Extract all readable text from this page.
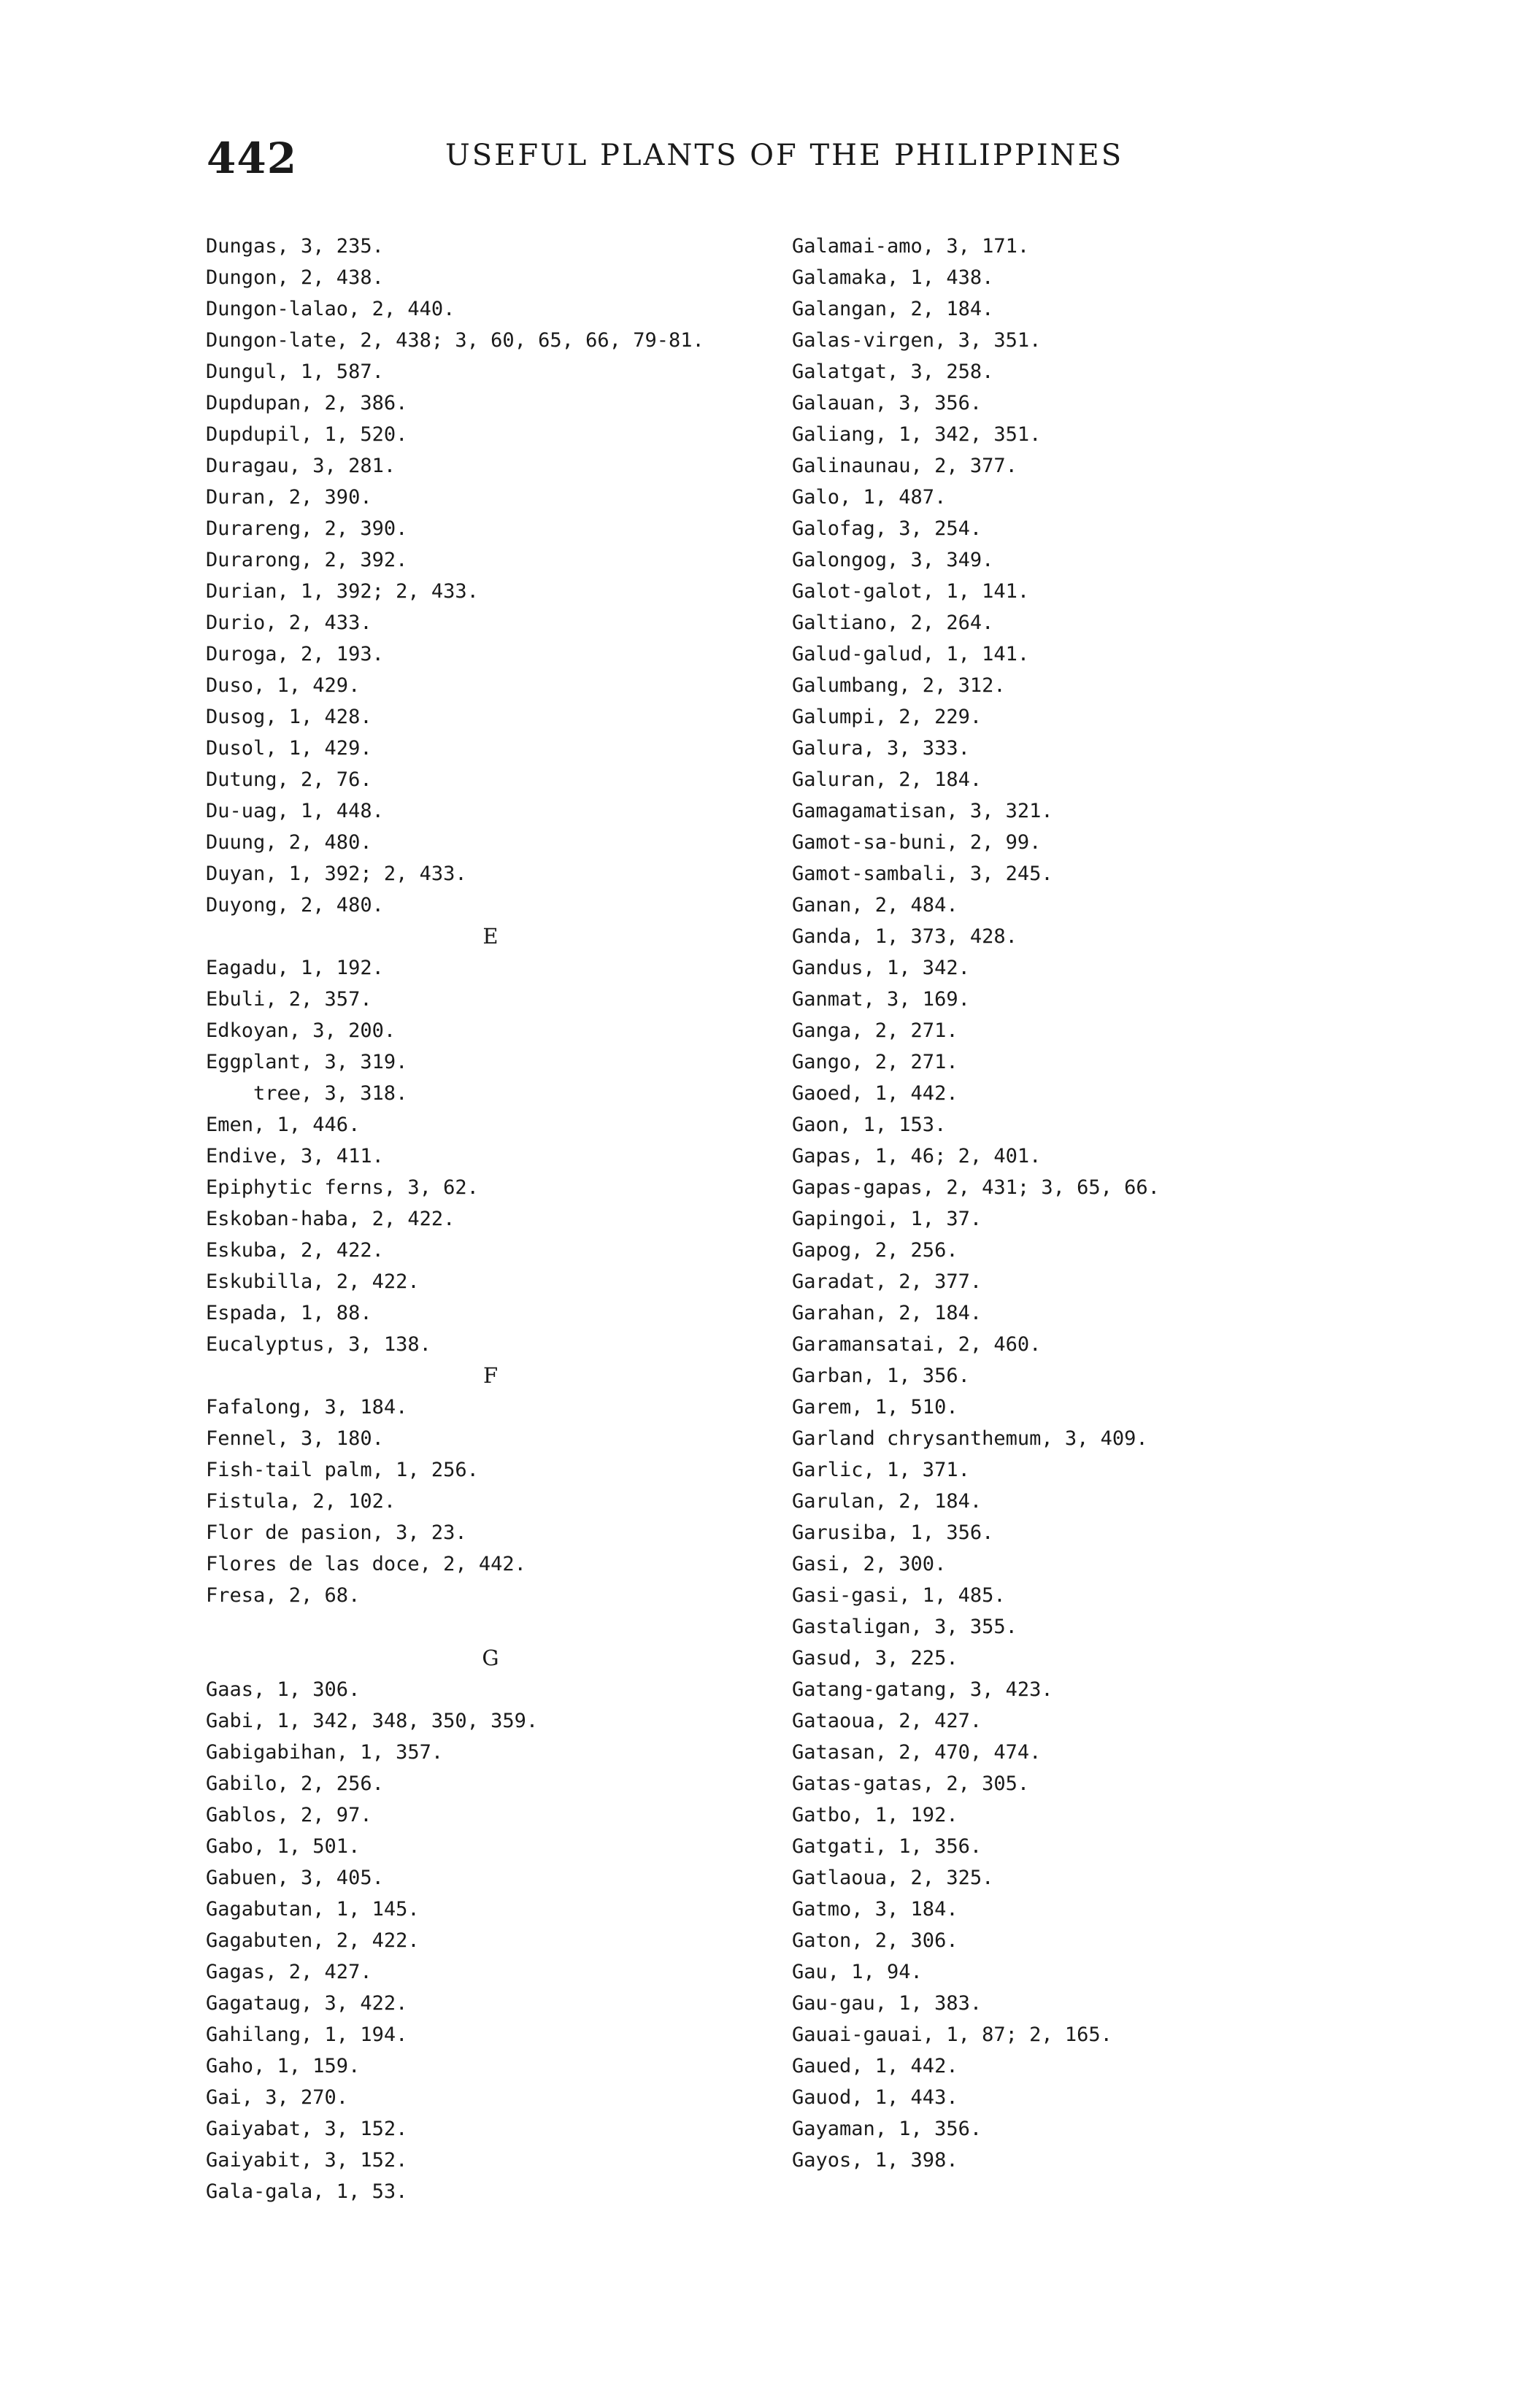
442	USEFUL PLANTS OF THE PHILIPPINES
Dungas, 3, 235.
Dungon, 2, 438.
Dungon-lalao, 2, 440.
Dungon-late, 2, 438; 3, 60, 65, 66, 79-81.
Dungul, 1, 587.
Dupdupan, 2, 386.
Dupdupil, 1, 520.
Duragau, 3, 281.
Duran, 2, 390.
Durareng, 2, 390.
Durarong, 2, 392.
Durian, 1, 392; 2, 433.
Durio, 2, 433.
Duroga, 2, 193.
Duso, 1, 429.
Dusog, 1, 428.
Dusol, 1, 429.
Dutung, 2, 76.
Du-uag, 1, 448.
Duung, 2, 480.
Duyan, 1, 392; 2, 433.
Duyong, 2, 480.
E
Eagadu, 1, 192.
Ebuli, 2, 357.
Edkoyan, 3, 200.
Eggplant, 3, 319.
tree, 3, 318.
Emen, 1, 446.
Endive, 3, 411.
Epiphytic ferns, 3, 62.
Eskoban-haba, 2, 422.
Eskuba, 2, 422.
Eskubilla, 2, 422.
Espada, 1, 88.
Eucalyptus, 3, 138.
F
Fafalong, 3, 184.
Fennel, 3, 180.
Fish-tail palm, 1, 256.
Fistula, 2, 102.
Flor de pasion, 3, 23.
Flores de las doce, 2, 442.
Fresa, 2, 68.
G
Gaas, 1, 306.
Gabi, 1, 342, 348, 350, 359.
Gabigabihan, 1, 357.
Gabilo, 2, 256.
Gablos, 2, 97.
Gabo, 1, 501.
Gabuen, 3, 405.
Gagabutan, 1, 145.
Gagabuten, 2, 422.
Gagas, 2, 427.
Gagataug, 3, 422.
Gahilang, 1, 194.
Gaho, 1, 159.
Gai, 3, 270.
Gaiyabat, 3, 152.
Gaiyabit, 3, 152.
Gala-gala, 1, 53.
Galamai-amo, 3, 171.
Galamaka, 1, 438.
Galangan, 2, 184.
Galas-virgen, 3, 351.
Galatgat, 3, 258.
Galauan, 3, 356.
Galiang, 1, 342, 351.
Galinaunau, 2, 377.
Galo, 1, 487.
Galofag, 3, 254.
Galongog, 3, 349.
Galot-galot, 1, 141.
Galtiano, 2, 264.
Galud-galud, 1, 141.
Galumbang, 2, 312.
Galumpi, 2, 229.
Galura, 3, 333.
Galuran, 2, 184.
Gamagamatisan, 3, 321.
Gamot-sa-buni, 2, 99.
Gamot-sambali, 3, 245.
Ganan, 2, 484.
Ganda, 1, 373, 428.
Gandus, 1, 342.
Ganmat, 3, 169.
Ganga, 2, 271.
Gango, 2, 271.
Gaoed, 1, 442.
Gaon, 1, 153.
Gapas, 1, 46; 2, 401.
Gapas-gapas, 2, 431; 3, 65, 66.
Gapingoi, 1, 37.
Gapog, 2, 256.
Garadat, 2, 377.
Garahan, 2, 184.
Garamansatai, 2, 460.
Garban, 1, 356.
Garem, 1, 510.
Garland chrysanthemum, 3, 409.
Garlic, 1, 371.
Garulan, 2, 184.
Garusiba, 1, 356.
Gasi, 2, 300.
Gasi-gasi, 1, 485.
Gastaligan, 3, 355.
Gasud, 3, 225.
Gatang-gatang, 3, 423.
Gataoua, 2, 427.
Gatasan, 2, 470, 474.
Gatas-gatas, 2, 305.
Gatbo, 1, 192.
Gatgati, 1, 356.
Gatlaoua, 2, 325.
Gatmo, 3, 184.
Gaton, 2, 306.
Gau, 1, 94.
Gau-gau, 1, 383.
Gauai-gauai, 1, 87; 2, 165.
Gaued, 1, 442.
Gauod, 1, 443.
Gayaman, 1, 356.
Gayos, 1, 398.
